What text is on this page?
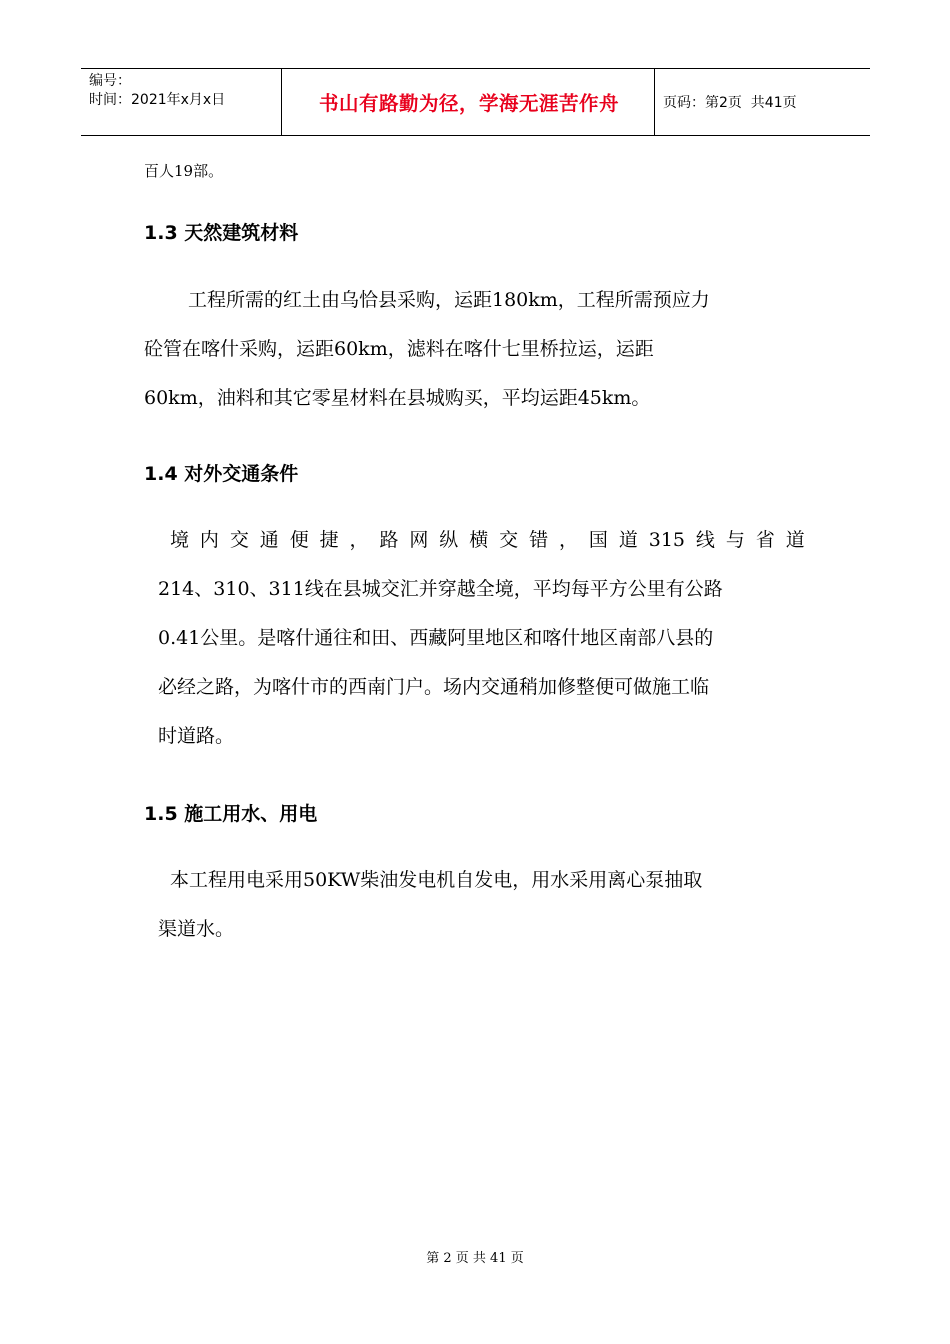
编号：
时间：2021年x月x日	书山有路勤为径，学海无涯苦作舟	页码：第2页  共41页
百人19部。
1.3 天然建筑材料
工程所需的红土由乌恰县采购，运距180km，工程所需预应力
砼管在喀什采购，运距60km，滤料在喀什七里桥拉运，运距
60km，油料和其它零星材料在县城购买，平均运距45km。
1.4 对外交通条件
境 内 交 通 便 捷 ， 路 网 纵 横 交 错 ， 国 道 315 线 与 省 道
214、310、311线在县城交汇并穿越全境，平均每平方公里有公路
0.41公里。是喀什通往和田、西藏阿里地区和喀什地区南部八县的
必经之路，为喀什市的西南门户。场内交通稍加修整便可做施工临
时道路。
1.5 施工用水、用电
本工程用电采用50KW柴油发电机自发电，用水采用离心泵抽取
渠道水。
第 2 页 共 41 页
